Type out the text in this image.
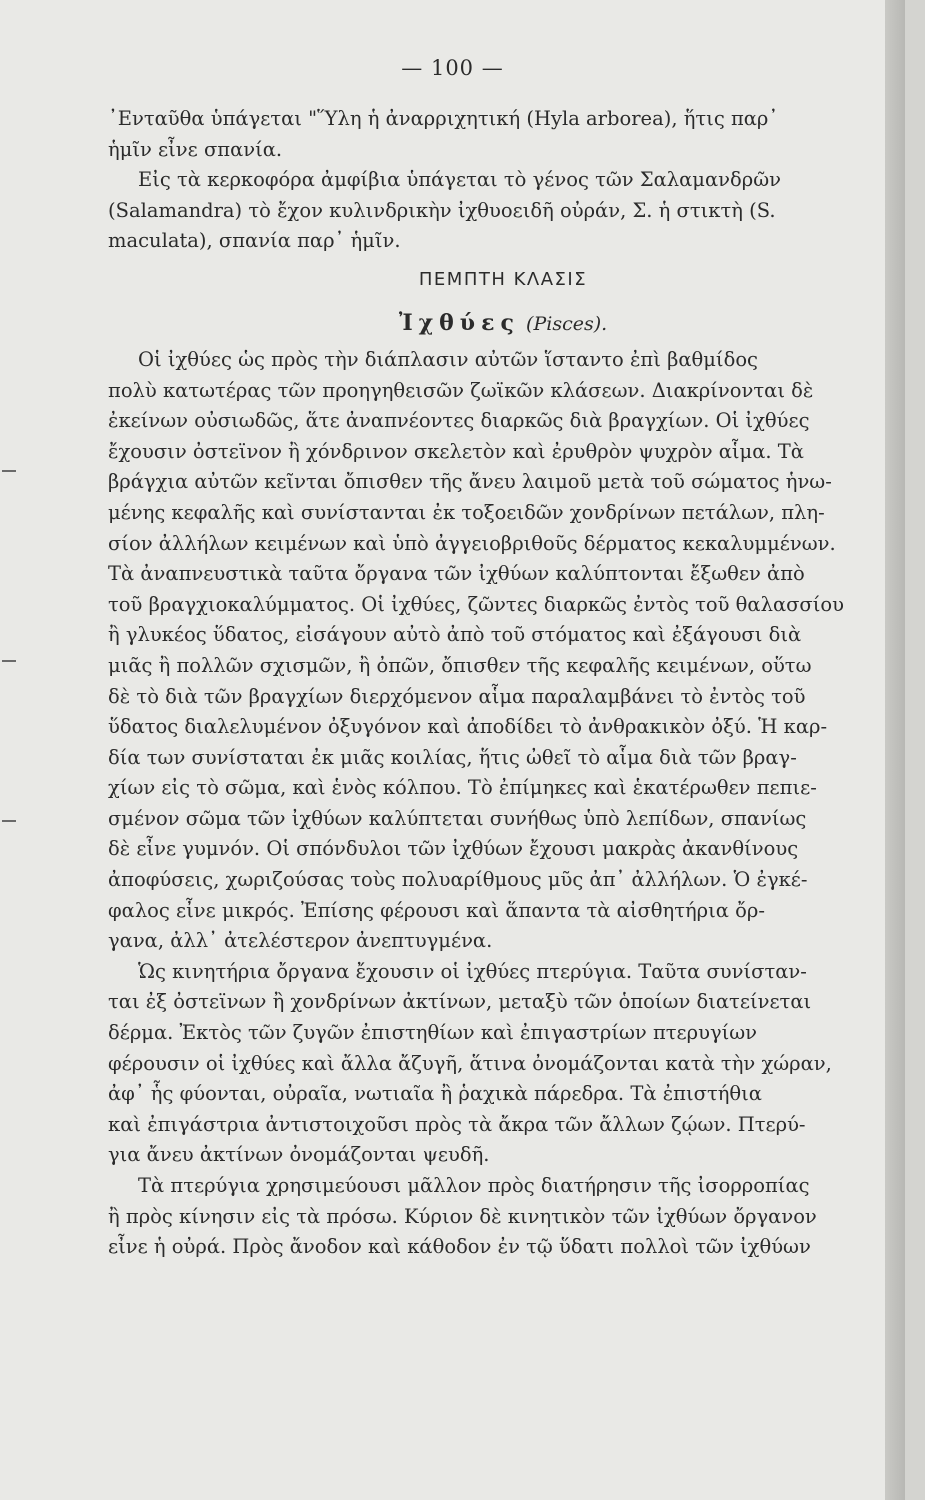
— 100 —
᾽Ενταῦθα ὑπάγεται "Ὕλη ἡ ἀναρριχητική (Hyla arborea), ἥτις παρ᾽
ἡμῖν εἶνε σπανία.
Εἰς τὰ κερκοφόρα ἀμφίβια ὑπάγεται τὸ γένος τῶν Σαλαμανδρῶν
(Salamandra) τὸ ἔχον κυλινδρικὴν ἰχθυοειδῆ οὐράν, Σ. ἡ στικτὴ (S.
maculata), σπανία παρ᾽ ἡμῖν.
ΠΕΜΠΤΗ ΚΛΑΣΙΣ
Ἰχθύες (Pisces).
Οἱ ἰχθύες ὡς πρὸς τὴν διάπλασιν αὐτῶν ἵσταντο ἐπὶ βαθμίδος
πολὺ κατωτέρας τῶν προηγηθεισῶν ζωϊκῶν κλάσεων. Διακρίνονται δὲ
ἐκείνων οὐσιωδῶς, ἅτε ἀναπνέοντες διαρκῶς διὰ βραγχίων. Οἱ ἰχθύες
ἔχουσιν ὀστεϊνον ἢ χόνδρινον σκελετὸν καὶ ἐρυθρὸν ψυχρὸν αἷμα. Τὰ
βράγχια αὐτῶν κεῖνται ὄπισθεν τῆς ἄνευ λαιμοῦ μετὰ τοῦ σώματος ἡνω-
μένης κεφαλῆς καὶ συνίστανται ἐκ τοξοειδῶν χονδρίνων πετάλων, πλη-
σίον ἀλλήλων κειμένων καὶ ὑπὸ ἀγγειοβριθοῦς δέρματος κεκαλυμμένων.
Τὰ ἀναπνευστικὰ ταῦτα ὄργανα τῶν ἰχθύων καλύπτονται ἔξωθεν ἀπὸ
τοῦ βραγχιοκαλύμματος. Οἱ ἰχθύες, ζῶντες διαρκῶς ἐντὸς τοῦ θαλασσίου
ἢ γλυκέος ὕδατος, εἰσάγουν αὐτὸ ἀπὸ τοῦ στόματος καὶ ἐξάγουσι διὰ
μιᾶς ἢ πολλῶν σχισμῶν, ἢ ὀπῶν, ὄπισθεν τῆς κεφαλῆς κειμένων, οὕτω
δὲ τὸ διὰ τῶν βραγχίων διερχόμενον αἷμα παραλαμβάνει τὸ ἐντὸς τοῦ
ὕδατος διαλελυμένον ὀξυγόνον καὶ ἀποδίδει τὸ ἀνθρακικὸν ὀξύ. Ἡ καρ-
δία των συνίσταται ἐκ μιᾶς κοιλίας, ἥτις ὠθεῖ τὸ αἷμα διὰ τῶν βραγ-
χίων εἰς τὸ σῶμα, καὶ ἑνὸς κόλπου. Τὸ ἐπίμηκες καὶ ἑκατέρωθεν πεπιε-
σμένον σῶμα τῶν ἰχθύων καλύπτεται συνήθως ὑπὸ λεπίδων, σπανίως
δὲ εἶνε γυμνόν. Οἱ σπόνδυλοι τῶν ἰχθύων ἔχουσι μακρὰς ἀκανθίνους
ἀποφύσεις, χωριζούσας τοὺς πολυαρίθμους μῦς ἀπ᾽ ἀλλήλων. Ὁ ἐγκέ-
φαλος εἶνε μικρός. Ἐπίσης φέρουσι καὶ ἅπαντα τὰ αἰσθητήρια ὄρ-
γανα, ἀλλ᾽ ἀτελέστερον ἀνεπτυγμένα.
Ὡς κινητήρια ὄργανα ἔχουσιν οἱ ἰχθύες πτερύγια. Ταῦτα συνίσταν-
ται ἐξ ὀστεϊνων ἢ χονδρίνων ἀκτίνων, μεταξὺ τῶν ὁποίων διατείνεται
δέρμα. Ἐκτὸς τῶν ζυγῶν ἐπιστηθίων καὶ ἐπιγαστρίων πτερυγίων
φέρουσιν οἱ ἰχθύες καὶ ἄλλα ἄζυγῆ, ἅτινα ὀνομάζονται κατὰ τὴν χώραν,
ἀφ᾽ ἧς φύονται, οὐραῖα, νωτιαῖα ἢ ῥαχικὰ πάρεδρα. Τὰ ἐπιστήθια
καὶ ἐπιγάστρια ἀντιστοιχοῦσι πρὸς τὰ ἄκρα τῶν ἄλλων ζῴων. Πτερύ-
για ἄνευ ἀκτίνων ὀνομάζονται ψευδῆ.
Τὰ πτερύγια χρησιμεύουσι μᾶλλον πρὸς διατήρησιν τῆς ἰσορροπίας
ἢ πρὸς κίνησιν εἰς τὰ πρόσω. Κύριον δὲ κινητικὸν τῶν ἰχθύων ὄργανον
εἶνε ἡ οὐρά. Πρὸς ἄνοδον καὶ κάθοδον ἐν τῷ ὕδατι πολλοὶ τῶν ἰχθύων
